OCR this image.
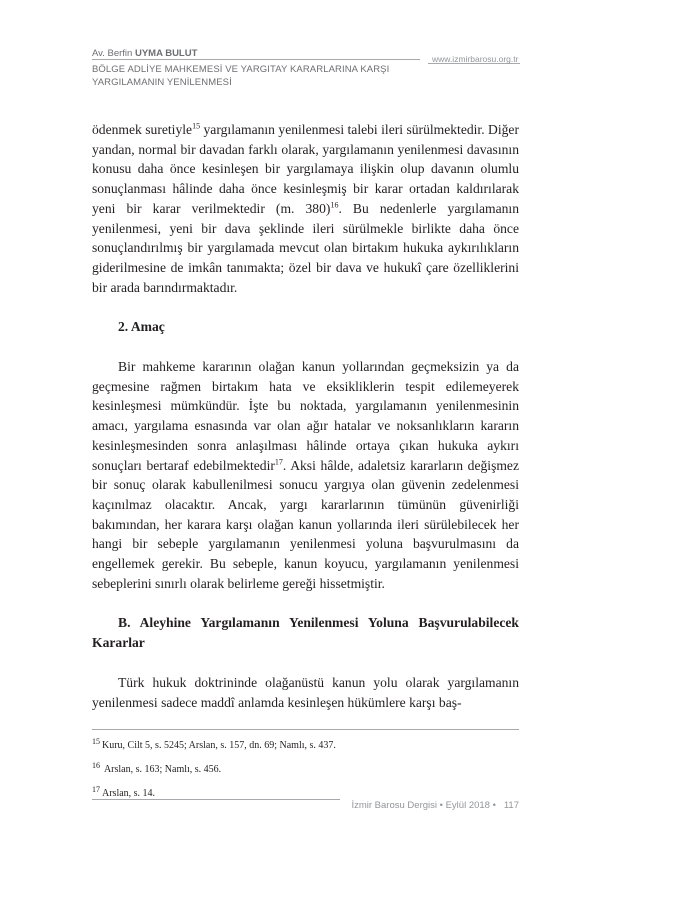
Av. Berfin UYMA BULUT	www.izmirbarosu.org.tr
BÖLGE ADLİYE MAHKEMESİ VE YARGITAY KARARLARINA KARŞI
YARGILAMANIN YENİLENMESİ

ödenmek suretiyle$^{15}$ yargılamanın yenilenmesi talebi ileri sürülmektedir. Diğer yandan, normal bir davadan farklı olarak, yargılamanın yenilenmesi davasının konusu daha önce kesinleşen bir yargılamaya ilişkin olup davanın olumlu sonuçlanması hâlinde daha önce kesinleşmiş bir karar ortadan kaldırılarak yeni bir karar verilmektedir (m. 380)$^{16}$. Bu nedenlerle yargılamanın yenilenmesi, yeni bir dava şeklinde ileri sürülmekle birlikte daha önce sonuçlandırılmış bir yargılamada mevcut olan birtakım hukuka aykırılıkların giderilmesine de imkân tanımakta; özel bir dava ve hukukî çare özelliklerini bir arada barındırmaktadır.

2. Amaç

Bir mahkeme kararının olağan kanun yollarından geçmeksizin ya da geçmesine rağmen birtakım hata ve eksikliklerin tespit edilemeyerek kesinleşmesi mümkündür. İşte bu noktada, yargılamanın yenilenmesinin amacı, yargılama esnasında var olan ağır hatalar ve noksanlıkların kararın kesinleşmesinden sonra anlaşılması hâlinde ortaya çıkan hukuka aykırı sonuçları bertaraf edebilmektedir$^{17}$. Aksi hâlde, adaletsiz kararların değişmez bir sonuç olarak kabullenilmesi sonucu yargıya olan güvenin zedelenmesi kaçınılmaz olacaktır. Ancak, yargı kararlarının tümünün güvenirliği bakımından, her karara karşı olağan kanun yollarında ileri sürülebilecek her hangi bir sebeple yargılamanın yenilenmesi yoluna başvurulmasını da engellemek gerekir. Bu sebeple, kanun koyucu, yargılamanın yenilenmesi sebeplerini sınırlı olarak belirleme gereği hissetmiştir.

B. Aleyhine Yargılamanın Yenilenmesi Yoluna Başvurulabilecek Kararlar

Türk hukuk doktrininde olağanüstü kanun yolu olarak yargılamanın yenilenmesi sadece maddî anlamda kesinleşen hükümlere karşı baş-

$^{15}$ Kuru, Cilt 5, s. 5245; Arslan, s. 157, dn. 69; Namlı, s. 437.
$^{16}$ Arslan, s. 163; Namlı, s. 456.
$^{17}$ Arslan, s. 14.
İzmir Barosu Dergisi • Eylül 2018 • 117
